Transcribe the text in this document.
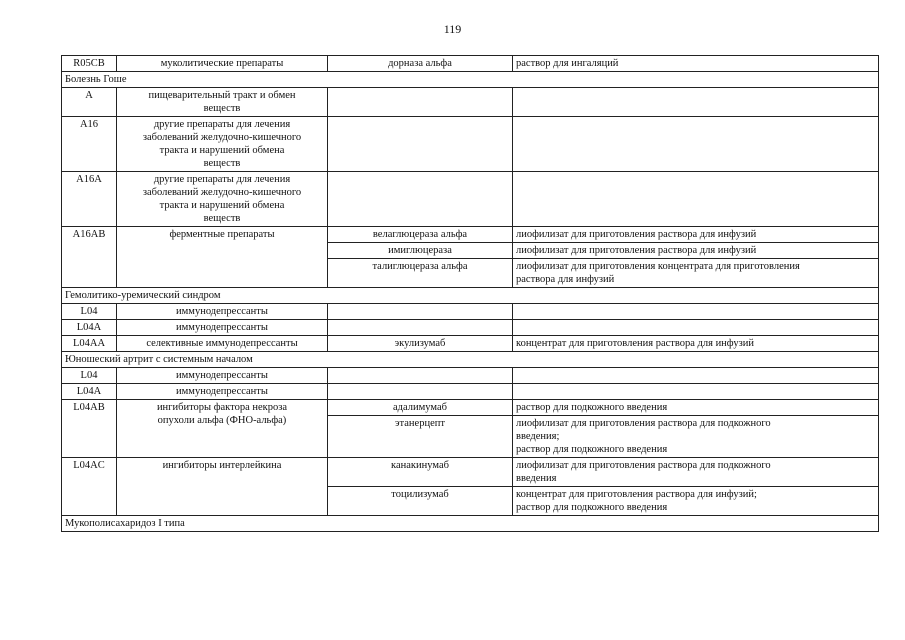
119
R05CB	муколитические препараты	дорназа альфа	раствор для ингаляций

Болезнь Гоше			
A	пищеварительный тракт и обмен
веществ		

A16	другие препараты для лечения
заболеваний желудочно-кишечного
тракта и нарушений обмена
веществ		

A16A	другие препараты для лечения
заболеваний желудочно-кишечного
тракта и нарушений обмена
веществ		

A16AB	ферментные препараты	велаглюцераза альфа	лиофилизат для приготовления раствора для инфузий

		имиглюцераза	лиофилизат для приготовления раствора для инфузий

		талиглюцераза альфа	лиофилизат для приготовления концентрата для приготовления
раствора для инфузий

Гемолитико-уремический синдром			
L04	иммунодепрессанты		

L04A	иммунодепрессанты		

L04AA	селективные иммунодепрессанты	экулизумаб	концентрат для приготовления раствора для инфузий

Юношеский артрит с системным началом			
L04	иммунодепрессанты		

L04A	иммунодепрессанты		

L04AB	ингибиторы фактора некроза
опухоли альфа (ФНО-альфа)	адалимумаб	раствор для подкожного введения

		этанерцепт	лиофилизат для приготовления раствора для подкожного
введения;
раствор для подкожного введения

L04AC	ингибиторы интерлейкина	канакинумаб	лиофилизат для приготовления раствора для подкожного
введения

		тоцилизумаб	концентрат для приготовления раствора для инфузий;
раствор для подкожного введения

Мукополисахаридоз I типа			
